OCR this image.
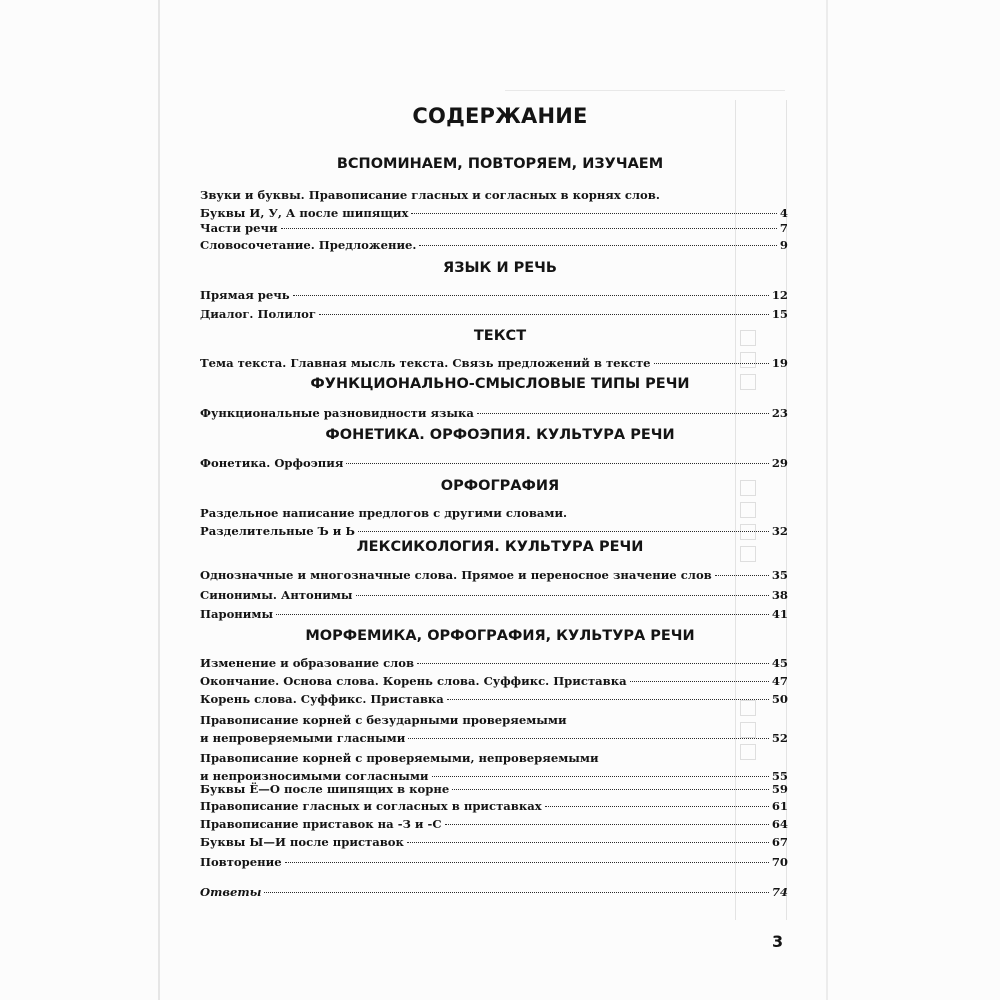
СОДЕРЖАНИЕ
ВСПОМИНАЕМ, ПОВТОРЯЕМ, ИЗУЧАЕМ
Звуки и буквы. Правописание гласных и согласных в корнях слов.
Буквы И, У, А после шипящих	4
Части речи	7
Словосочетание. Предложение.	9
ЯЗЫК И РЕЧЬ
Прямая речь	12
Диалог. Полилог	15
ТЕКСТ
Тема текста. Главная мысль текста. Связь предложений в тексте	19
ФУНКЦИОНАЛЬНО-СМЫСЛОВЫЕ ТИПЫ РЕЧИ
Функциональные разновидности языка	23
ФОНЕТИКА. ОРФОЭПИЯ. КУЛЬТУРА РЕЧИ
Фонетика. Орфоэпия	29
ОРФОГРАФИЯ
Раздельное написание предлогов с другими словами.
Разделительные Ъ и Ь	32
ЛЕКСИКОЛОГИЯ. КУЛЬТУРА РЕЧИ
Однозначные и многозначные слова. Прямое и переносное значение слов	35
Синонимы. Антонимы	38
Паронимы	41
МОРФЕМИКА, ОРФОГРАФИЯ, КУЛЬТУРА РЕЧИ
Изменение и образование слов	45
Окончание. Основа слова. Корень слова. Суффикс. Приставка	47
Корень слова. Суффикс. Приставка	50
Правописание корней с безударными проверяемыми
и непроверяемыми гласными	52
Правописание корней с проверяемыми, непроверяемыми
и непроизносимыми согласными	55
Буквы Ё—О после шипящих в корне	59
Правописание гласных и согласных в приставках	61
Правописание приставок на -З и -С	64
Буквы Ы—И после приставок	67
Повторение	70
Ответы	74
3
